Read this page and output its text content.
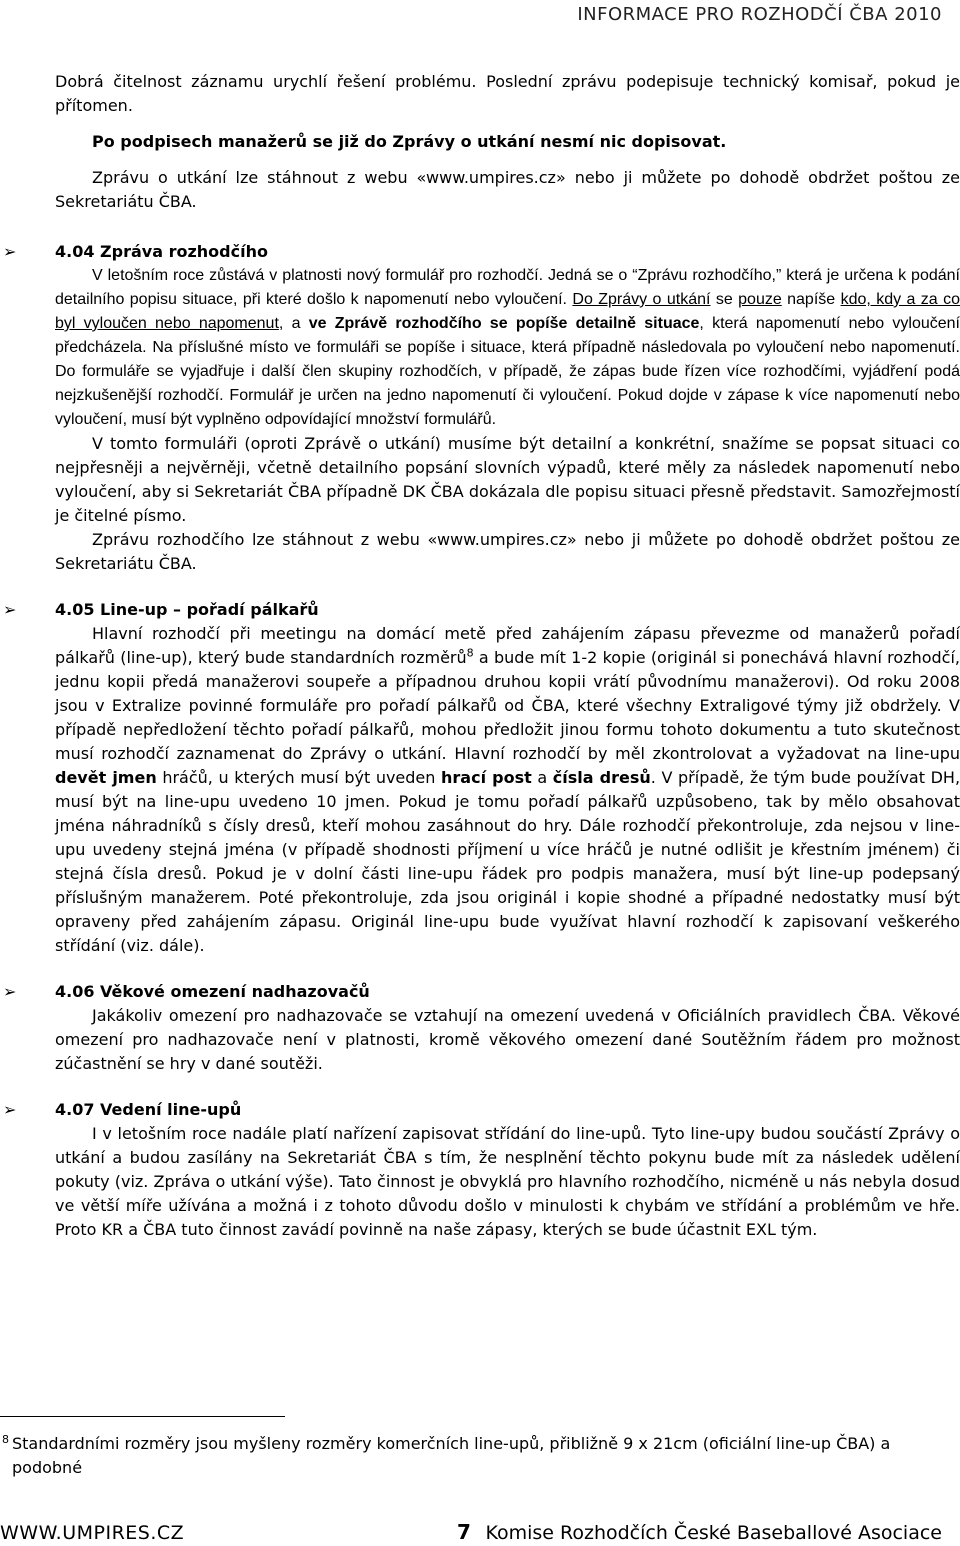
INFORMACE PRO ROZHODČÍ ČBA 2010

Dobrá čitelnost záznamu urychlí řešení problému. Poslední zprávu podepisuje technický komisař, pokud je přítomen.

Po podpisech manažerů se již do Zprávy o utkání nesmí nic dopisovat.

Zprávu o utkání lze stáhnout z webu «www.umpires.cz» nebo ji můžete po dohodě obdržet poštou ze Sekretariátu ČBA.

➢ 4.04 Zpráva rozhodčího

V letošním roce zůstává v platnosti nový formulář pro rozhodčí. Jedná se o “Zprávu rozhodčího,” která je určena k podání detailního popisu situace, při které došlo k napomenutí nebo vyloučení. Do Zprávy o utkání se pouze napíše kdo, kdy a za co byl vyloučen nebo napomenut, a ve Zprávě rozhodčího se popíše detailně situace, která napomenutí nebo vyloučení předcházela. Na příslušné místo ve formuláři se popíše i situace, která případně následovala po vyloučení nebo napomenutí. Do formuláře se vyjadřuje i další člen skupiny rozhodčích, v případě, že zápas bude řízen více rozhodčími, vyjádření podá nejzkušenější rozhodčí. Formulář je určen na jedno napomenutí či vyloučení. Pokud dojde v zápase k více napomenutí nebo vyloučení, musí být vyplněno odpovídající množství formulářů.

V tomto formuláři (oproti Zprávě o utkání) musíme být detailní a konkrétní, snažíme se popsat situaci co nejpřesněji a nejvěrněji, včetně detailního popsání slovních výpadů, které měly za následek napomenutí nebo vyloučení, aby si Sekretariát ČBA případně DK ČBA dokázala dle popisu situaci přesně představit. Samozřejmostí je čitelné písmo.

Zprávu rozhodčího lze stáhnout z webu «www.umpires.cz» nebo ji můžete po dohodě obdržet poštou ze Sekretariátu ČBA.

➢ 4.05 Line-up – pořadí pálkařů

Hlavní rozhodčí při meetingu na domácí metě před zahájením zápasu převezme od manažerů pořadí pálkařů (line-up), který bude standardních rozměrů$^8$ a bude mít 1-2 kopie (originál si ponechává hlavní rozhodčí, jednu kopii předá manažerovi soupeře a případnou druhou kopii vrátí původnímu manažerovi). Od roku 2008 jsou v Extralize povinné formuláře pro pořadí pálkařů od ČBA, které všechny Extraligové týmy již obdržely. V případě nepředložení těchto pořadí pálkařů, mohou předložit jinou formu tohoto dokumentu a tuto skutečnost musí rozhodčí zaznamenat do Zprávy o utkání. Hlavní rozhodčí by měl zkontrolovat a vyžadovat na line-upu devět jmen hráčů, u kterých musí být uveden hrací post a čísla dresů. V případě, že tým bude používat DH, musí být na line-upu uvedeno 10 jmen. Pokud je tomu pořadí pálkařů uzpůsobeno, tak by mělo obsahovat jména náhradníků s čísly dresů, kteří mohou zasáhnout do hry. Dále rozhodčí překontroluje, zda nejsou v line-upu uvedeny stejná jména (v případě shodnosti příjmení u více hráčů je nutné odlišit je křestním jménem) či stejná čísla dresů. Pokud je v dolní části line-upu řádek pro podpis manažera, musí být line-up podepsaný příslušným manažerem. Poté překontroluje, zda jsou originál i kopie shodné a případné nedostatky musí být opraveny před zahájením zápasu. Originál line-upu bude využívat hlavní rozhodčí k zapisovaní veškerého střídání (viz. dále).

➢ 4.06 Věkové omezení nadhazovačů

Jakákoliv omezení pro nadhazovače se vztahují na omezení uvedená v Oficiálních pravidlech ČBA. Věkové omezení pro nadhazovače není v platnosti, kromě věkového omezení dané Soutěžním řádem pro možnost zúčastnění se hry v dané soutěži.

➢ 4.07 Vedení line-upů

I v letošním roce nadále platí nařízení zapisovat střídání do line-upů. Tyto line-upy budou součástí Zprávy o utkání a budou zasílány na Sekretariát ČBA s tím, že nesplnění těchto pokynu bude mít za následek udělení pokuty (viz. Zpráva o utkání výše). Tato činnost je obvyklá pro hlavního rozhodčího, nicméně u nás nebyla dosud ve větší míře užívána a možná i z tohoto důvodu došlo v minulosti k chybám ve střídání a problémům ve hře. Proto KR a ČBA tuto činnost zavádí povinně na naše zápasy, kterých se bude účastnit EXL tým.

8 Standardními rozměry jsou myšleny rozměry komerčních line-upů, přibližně 9 x 21cm (oficiální line-up ČBA) a podobné
WWW.UMPIRES.CZ	7 Komise Rozhodčích České Baseballové Asociace
